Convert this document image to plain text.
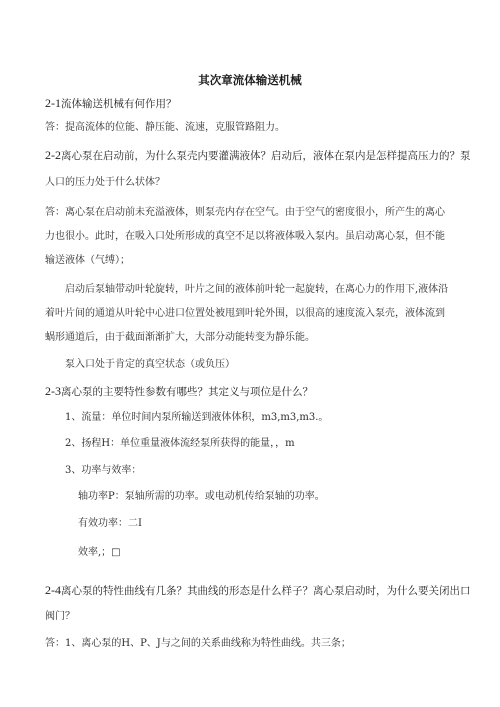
其次章流体输送机械
2-1流体输送机械有何作用？
答：提高流体的位能、静压能、流速，克服管路阻力。
2-2离心泵在启动前，为什么泵壳内要灌满液体？启动后，液体在泵内是怎样提高压力的？泵
人口的压力处于什么状体？
答：离心泵在启动前未充溢液体，则泵壳内存在空气。由于空气的密度很小，所产生的离心
力也很小。此时，在吸入口处所形成的真空不足以将液体吸入泵内。虽启动离心泵，但不能
输送液体（气缚）；
启动后泵轴带动叶轮旋转，叶片之间的液体前叶轮一起旋转，在离心力的作用下,液体沿
着叶片间的通道从叶轮中心进口位置处被甩到叶轮外围，以很高的速度流入泵壳，液体流到
蜗形通道后，由于截面渐渐扩大，大部分动能转变为静乐能。
泵入口处于肯定的真空状态（或负压）
2-3离心泵的主要特性参数有哪些？其定义与项位是什么？
1、流量：单位时间内泵所输送到液体体积，m3,m3,m3.。
2、扬程H：单位重量液体流经泵所获得的能量，，m
3、功率与效率：
轴功率P：泵轴所需的功率。或电动机传给泵轴的功率。
有效功率：二Ⅰ
效率,；□
2-4离心泵的特性曲线有几条？其曲线的形态是什么样子？离心泵启动时，为什么要关闭出口
阀门？
答：1、离心泵的H、P、J与之间的关系曲线称为特性曲线。共三条；
